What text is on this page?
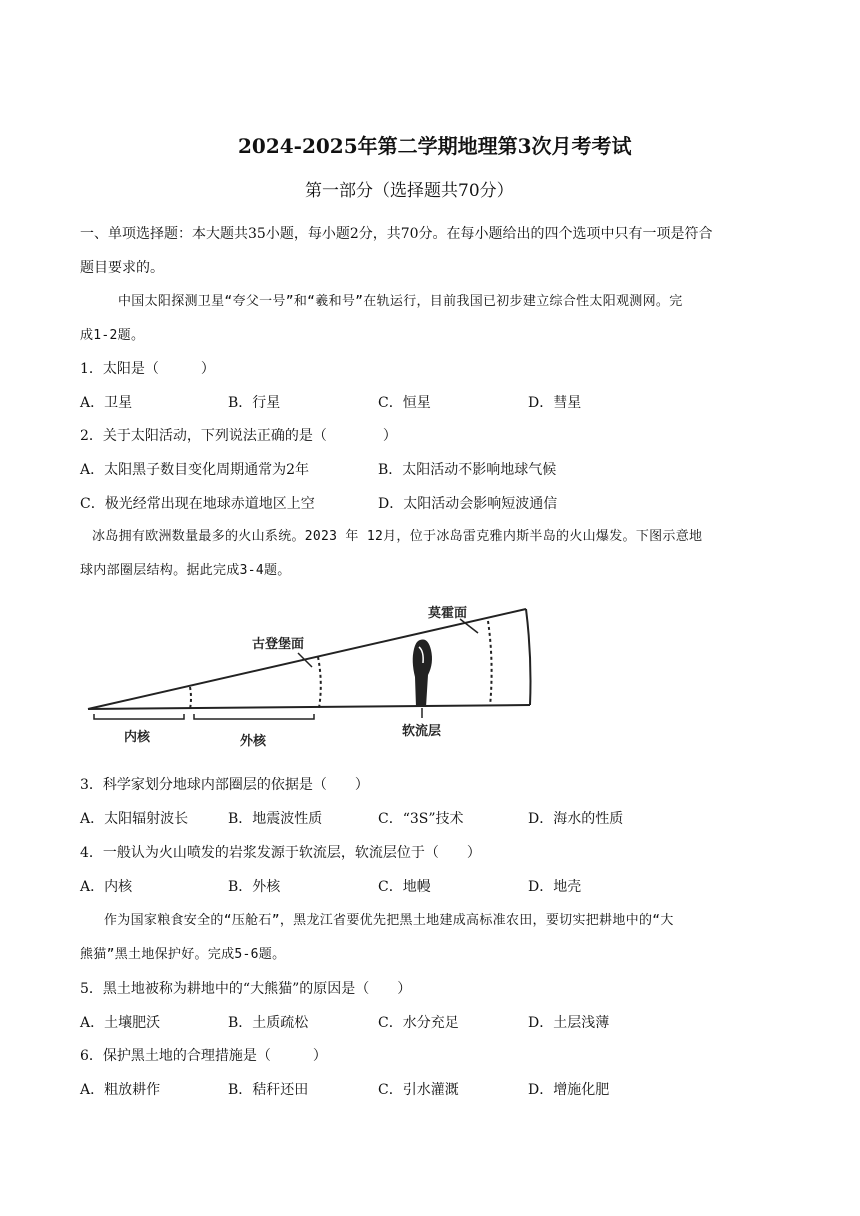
2024-2025年第二学期地理第3次月考考试
第一部分（选择题共70分）
一、单项选择题：本大题共35小题，每小题2分，共70分。在每小题给出的四个选项中只有一项是符合
题目要求的。
中国太阳探测卫星“夸父一号”和“羲和号”在轨运行，目前我国已初步建立综合性太阳观测网。完
成1-2题。
1．太阳是（　　　）
A．卫星	B．行星	C．恒星	D．彗星
2．关于太阳活动，下列说法正确的是（　　　　）
A．太阳黑子数目变化周期通常为2年	B．太阳活动不影响地球气候
C．极光经常出现在地球赤道地区上空	D．太阳活动会影响短波通信
冰岛拥有欧洲数量最多的火山系统。2023 年 12月，位于冰岛雷克雅内斯半岛的火山爆发。下图示意地
球内部圈层结构。据此完成3-4题。
莫霍面
古登堡面
软流层
内核	外核
3．科学家划分地球内部圈层的依据是（　　）
A．太阳辐射波长	B．地震波性质	C．“3S”技术	D．海水的性质
4．一般认为火山喷发的岩浆发源于软流层，软流层位于（　　）
A．内核	B．外核	C．地幔	D．地壳
作为国家粮食安全的“压舱石”，黑龙江省要优先把黑土地建成高标准农田，要切实把耕地中的“大
熊猫”黑土地保护好。完成5-6题。
5．黑土地被称为耕地中的“大熊猫”的原因是（　　）
A．土壤肥沃	B．土质疏松	C．水分充足	D．土层浅薄
6．保护黑土地的合理措施是（　　　）
A．粗放耕作	B．秸秆还田	C．引水灌溉	D．增施化肥
